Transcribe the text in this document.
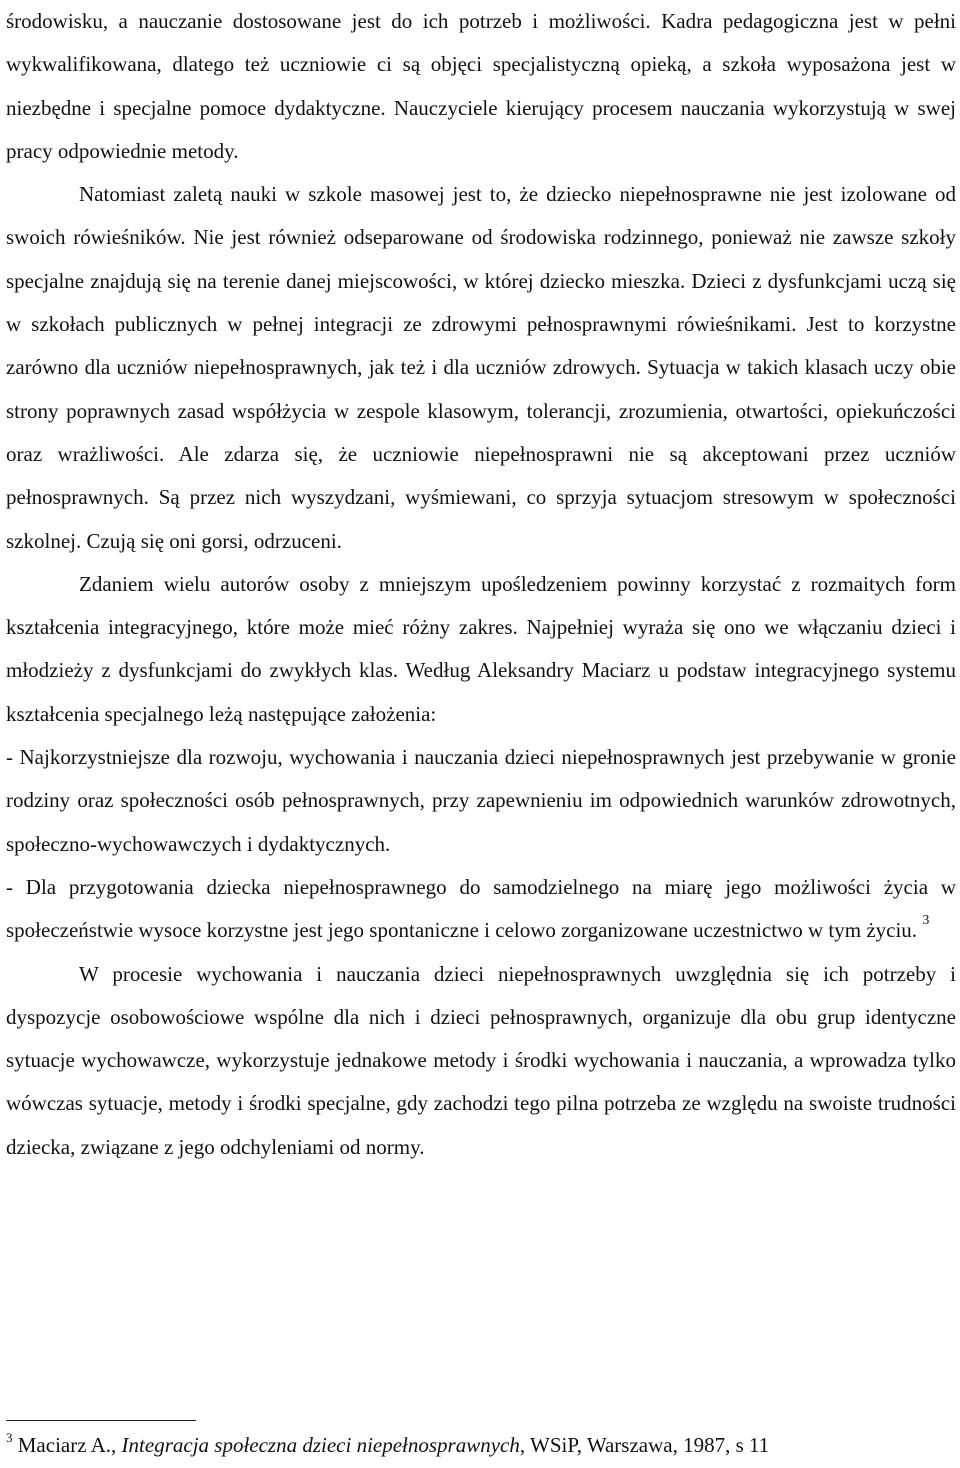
środowisku, a nauczanie dostosowane jest do ich potrzeb i możliwości. Kadra pedagogiczna jest w pełni wykwalifikowana, dlatego też uczniowie ci są objęci specjalistyczną opieką, a szkoła wyposażona jest w niezbędne i specjalne pomoce dydaktyczne. Nauczyciele kierujący procesem nauczania wykorzystują w swej pracy odpowiednie metody.

Natomiast zaletą nauki w szkole masowej jest to, że dziecko niepełnosprawne nie jest izolowane od swoich rówieśników. Nie jest również odseparowane od środowiska rodzinnego, ponieważ nie zawsze szkoły specjalne znajdują się na terenie danej miejscowości, w której dziecko mieszka. Dzieci z dysfunkcjami uczą się w szkołach publicznych w pełnej integracji ze zdrowymi pełnosprawnymi rówieśnikami. Jest to korzystne zarówno dla uczniów niepełnosprawnych, jak też i dla uczniów zdrowych. Sytuacja w takich klasach uczy obie strony poprawnych zasad współżycia w zespole klasowym, tolerancji, zrozumienia, otwartości, opiekuńczości oraz wrażliwości. Ale zdarza się, że uczniowie niepełnosprawni nie są akceptowani przez uczniów pełnosprawnych. Są przez nich wyszydzani, wyśmiewani, co sprzyja sytuacjom stresowym w społeczności szkolnej. Czują się oni gorsi, odrzuceni.

Zdaniem wielu autorów osoby z mniejszym upośledzeniem powinny korzystać z rozmaitych form kształcenia integracyjnego, które może mieć różny zakres. Najpełniej wyraża się ono we włączaniu dzieci i młodzieży z dysfunkcjami do zwykłych klas. Według Aleksandry Maciarz u podstaw integracyjnego systemu kształcenia specjalnego leżą następujące założenia:

- Najkorzystniejsze dla rozwoju, wychowania i nauczania dzieci niepełnosprawnych jest przebywanie w gronie rodziny oraz społeczności osób pełnosprawnych, przy zapewnieniu im odpowiednich warunków zdrowotnych, społeczno-wychowawczych i dydaktycznych.

- Dla przygotowania dziecka niepełnosprawnego do samodzielnego na miarę jego możliwości życia w społeczeństwie wysoce korzystne jest jego spontaniczne i celowo zorganizowane uczestnictwo w tym życiu. $^3$

W procesie wychowania i nauczania dzieci niepełnosprawnych uwzględnia się ich potrzeby i dyspozycje osobowościowe wspólne dla nich i dzieci pełnosprawnych, organizuje dla obu grup identyczne sytuacje wychowawcze, wykorzystuje jednakowe metody i środki wychowania i nauczania, a wprowadza tylko wówczas sytuacje, metody i środki specjalne, gdy zachodzi tego pilna potrzeba ze względu na swoiste trudności dziecka, związane z jego odchyleniami od normy.

$^3$ Maciarz A., Integracja społeczna dzieci niepełnosprawnych, WSiP, Warszawa, 1987, s 11
